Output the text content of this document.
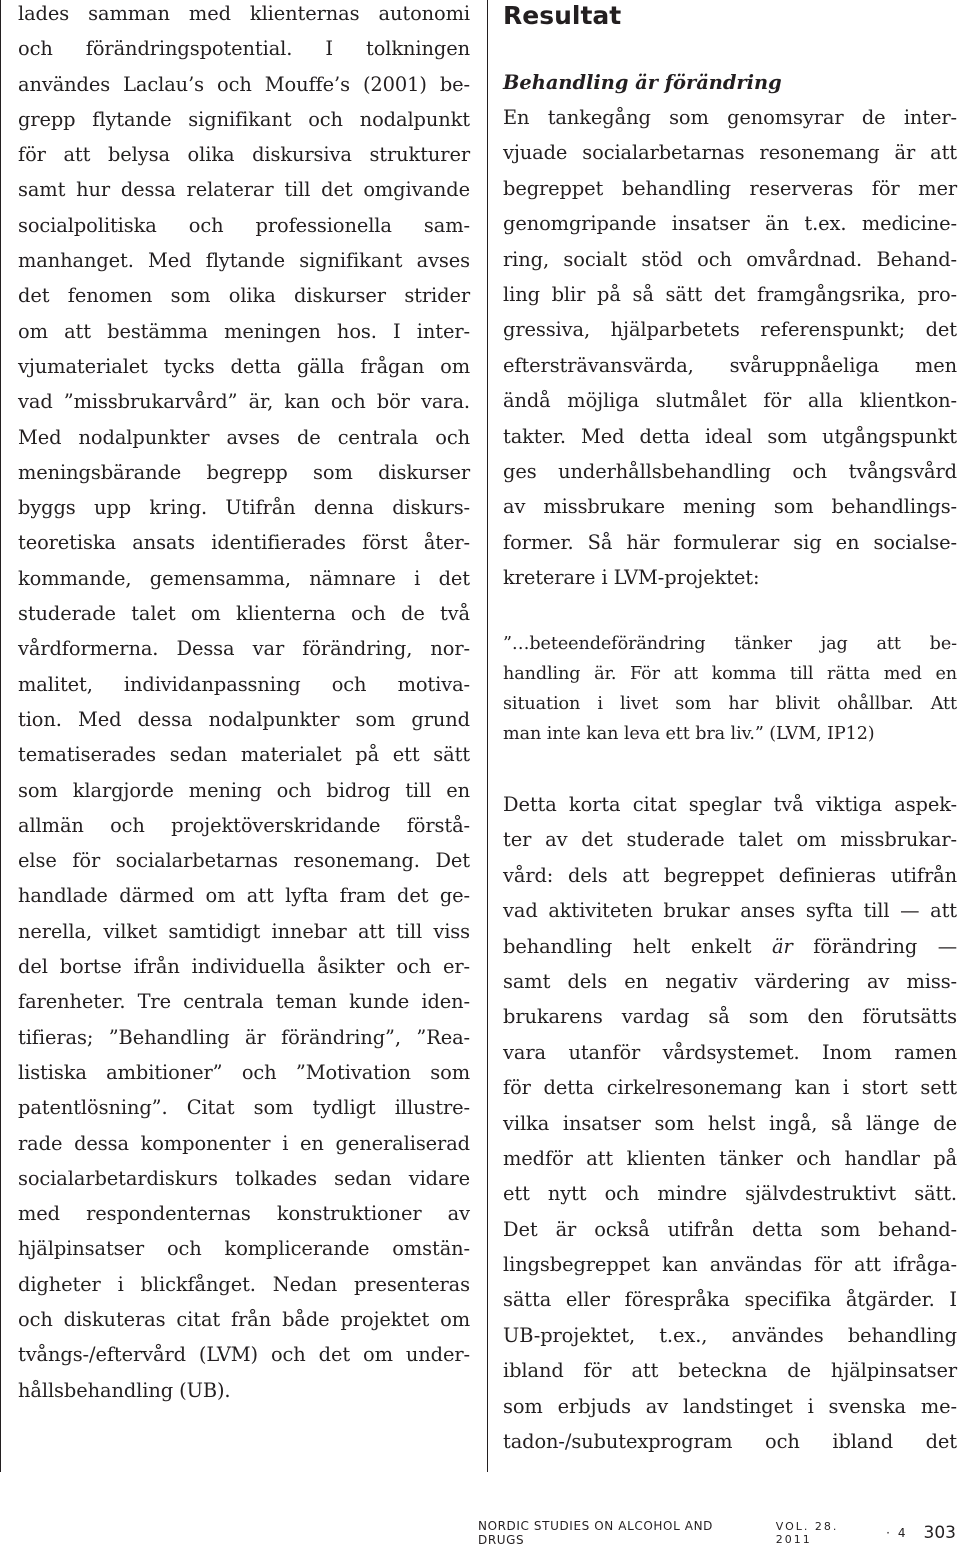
lades samman med klienternas autonomi
och förändringspotential. I tolkningen
användes Laclau’s och Mouffe’s (2001) be-
grepp flytande signifikant och nodalpunkt
för att belysa olika diskursiva strukturer
samt hur dessa relaterar till det omgivande
socialpolitiska och professionella sam-
manhanget. Med flytande signifikant avses
det fenomen som olika diskurser strider
om att bestämma meningen hos. I inter-
vjumaterialet tycks detta gälla frågan om
vad ”missbrukarvård” är, kan och bör vara.
Med nodalpunkter avses de centrala och
meningsbärande begrepp som diskurser
byggs upp kring. Utifrån denna diskurs-
teoretiska ansats identifierades först åter-
kommande, gemensamma, nämnare i det
studerade talet om klienterna och de två
vårdformerna. Dessa var förändring, nor-
malitet, individanpassning och motiva-
tion. Med dessa nodalpunkter som grund
tematiserades sedan materialet på ett sätt
som klargjorde mening och bidrog till en
allmän och projektöverskridande förstå-
else för socialarbetarnas resonemang. Det
handlade därmed om att lyfta fram det ge-
nerella, vilket samtidigt innebar att till viss
del bortse ifrån individuella åsikter och er-
farenheter. Tre centrala teman kunde iden-
tifieras; ”Behandling är förändring”, ”Rea-
listiska ambitioner” och ”Motivation som
patentlösning”. Citat som tydligt illustre-
rade dessa komponenter i en generaliserad
socialarbetardiskurs tolkades sedan vidare
med respondenternas konstruktioner av
hjälpinsatser och komplicerande omstän-
digheter i blickfånget. Nedan presenteras
och diskuteras citat från både projektet om
tvångs-/eftervård (LVM) och det om under-
hållsbehandling (UB).
Resultat
Behandling är förändring
En tankegång som genomsyrar de inter-
vjuade socialarbetarnas resonemang är att
begreppet behandling reserveras för mer
genomgripande insatser än t.ex. medicine-
ring, socialt stöd och omvårdnad. Behand-
ling blir på så sätt det framgångsrika, pro-
gressiva, hjälparbetets referenspunkt; det
eftersträvansvärda, svåruppnåeliga men
ändå möjliga slutmålet för alla klientkon-
takter. Med detta ideal som utgångspunkt
ges underhållsbehandling och tvångsvård
av missbrukare mening som behandlings-
former. Så här formulerar sig en socialse-
kreterare i LVM-projektet:
”…beteendeförändring tänker jag att be-
handling är. För att komma till rätta med en
situation i livet som har blivit ohållbar. Att
man inte kan leva ett bra liv.” (LVM, IP12)
Detta korta citat speglar två viktiga aspek-
ter av det studerade talet om missbrukar-
vård: dels att begreppet definieras utifrån
vad aktiviteten brukar anses syfta till — att
behandling helt enkelt är förändring —
samt dels en negativ värdering av miss-
brukarens vardag så som den förutsätts
vara utanför vårdsystemet. Inom ramen
för detta cirkelresonemang kan i stort sett
vilka insatser som helst ingå, så länge de
medför att klienten tänker och handlar på
ett nytt och mindre självdestruktivt sätt.
Det är också utifrån detta som behand-
lingsbegreppet kan användas för att ifråga-
sätta eller förespråka specifika åtgärder. I
UB-projektet, t.ex., användes behandling
ibland för att beteckna de hjälpinsatser
som erbjuds av landstinget i svenska me-
tadon-/subutexprogram och ibland det
NORDIC STUDIES ON ALCOHOL AND DRUGS
VOL. 28. 2011	· 4 303
